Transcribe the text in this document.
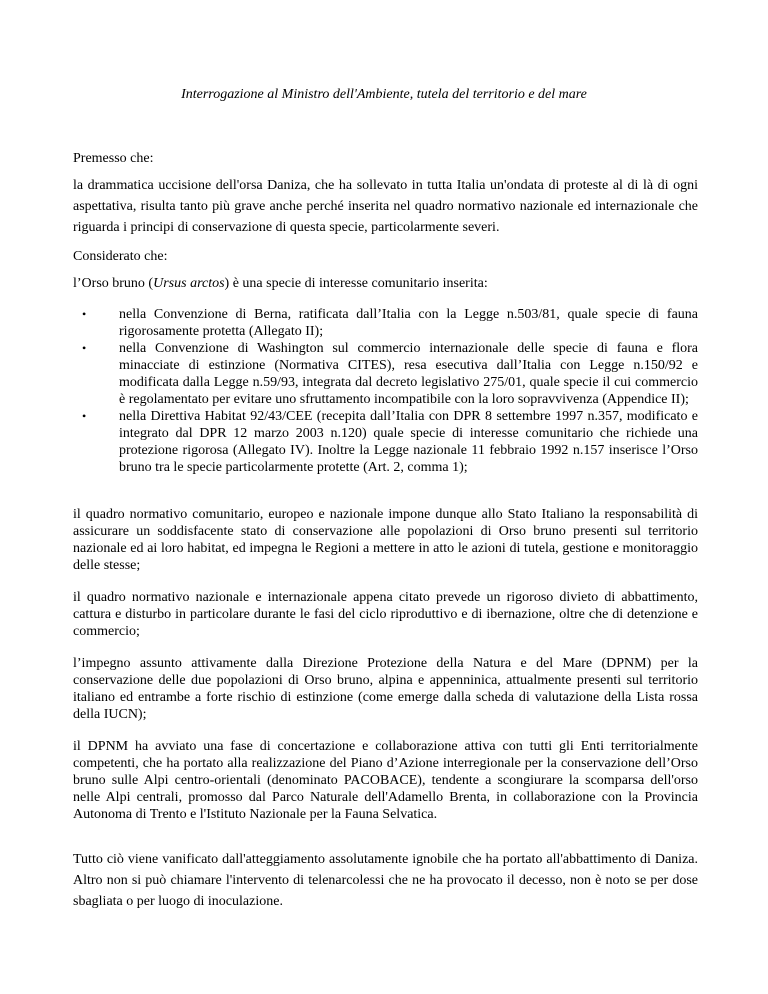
Interrogazione al Ministro dell'Ambiente, tutela del territorio e del mare

Premesso che:

la drammatica uccisione dell'orsa Daniza, che ha sollevato in tutta Italia un'ondata di proteste al di là di ogni aspettativa, risulta tanto più grave anche perché inserita nel quadro normativo nazionale ed internazionale che riguarda i principi di conservazione di questa specie, particolarmente severi.

Considerato che:

l’Orso bruno (Ursus arctos) è una specie di interesse comunitario inserita:

• nella Convenzione di Berna, ratificata dall’Italia con la Legge n.503/81, quale specie di fauna rigorosamente protetta (Allegato II);
• nella Convenzione di Washington sul commercio internazionale delle specie di fauna e flora minacciate di estinzione (Normativa CITES), resa esecutiva dall’Italia con Legge n.150/92 e modificata dalla Legge n.59/93, integrata dal decreto legislativo 275/01, quale specie il cui commercio è regolamentato per evitare uno sfruttamento incompatibile con la loro sopravvivenza (Appendice II);
• nella Direttiva Habitat 92/43/CEE (recepita dall’Italia con DPR 8 settembre 1997 n.357, modificato e integrato dal DPR 12 marzo 2003 n.120) quale specie di interesse comunitario che richiede una protezione rigorosa (Allegato IV). Inoltre la Legge nazionale 11 febbraio 1992 n.157 inserisce l’Orso bruno tra le specie particolarmente protette (Art. 2, comma 1);

il quadro normativo comunitario, europeo e nazionale impone dunque allo Stato Italiano la responsabilità di assicurare un soddisfacente stato di conservazione alle popolazioni di Orso bruno presenti sul territorio nazionale ed ai loro habitat, ed impegna le Regioni a mettere in atto le azioni di tutela, gestione e monitoraggio delle stesse;

il quadro normativo nazionale e internazionale appena citato prevede un rigoroso divieto di abbattimento, cattura e disturbo in particolare durante le fasi del ciclo riproduttivo e di ibernazione, oltre che di detenzione e commercio;

l’impegno assunto attivamente dalla Direzione Protezione della Natura e del Mare (DPNM) per la conservazione delle due popolazioni di Orso bruno, alpina e appenninica, attualmente presenti sul territorio italiano ed entrambe a forte rischio di estinzione (come emerge dalla scheda di valutazione della Lista rossa della IUCN);

il DPNM ha avviato una fase di concertazione e collaborazione attiva con tutti gli Enti territorialmente competenti, che ha portato alla realizzazione del Piano d’Azione interregionale per la conservazione dell’Orso bruno sulle Alpi centro-orientali (denominato PACOBACE), tendente a scongiurare la scomparsa dell'orso nelle Alpi centrali, promosso dal Parco Naturale dell'Adamello Brenta, in collaborazione con la Provincia Autonoma di Trento e l'Istituto Nazionale per la Fauna Selvatica.

Tutto ciò viene vanificato dall'atteggiamento assolutamente ignobile che ha portato all'abbattimento di Daniza. Altro non si può chiamare l'intervento di telenarcolessi che ne ha provocato il decesso, non è noto se per dose sbagliata o per luogo di inoculazione.
